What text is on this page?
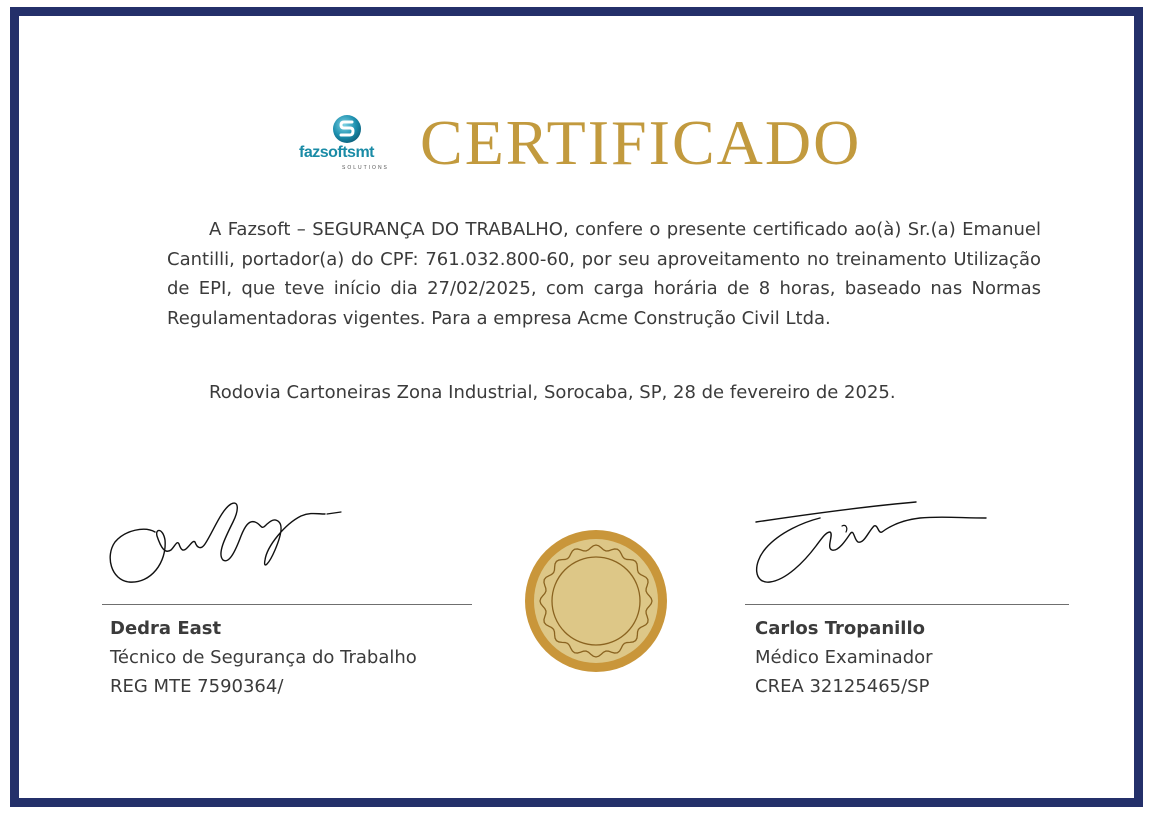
fazsoftsmt
SOLUTIONS CERTIFICADO

A Fazsoft – SEGURANÇA DO TRABALHO, confere o presente certificado ao(à) Sr.(a) Emanuel Cantilli, portador(a) do CPF: 761.032.800-60, por seu aproveitamento no treinamento Utilização de EPI, que teve início dia 27/02/2025, com carga horária de 8 horas, baseado nas Normas Regulamentadoras vigentes. Para a empresa Acme Construção Civil Ltda.

Rodovia Cartoneiras Zona Industrial, Sorocaba, SP, 28 de fevereiro de 2025.
Dedra East
Técnico de Segurança do Trabalho
REG MTE 7590364/
Carlos Tropanillo
Médico Examinador
CREA 32125465/SP
